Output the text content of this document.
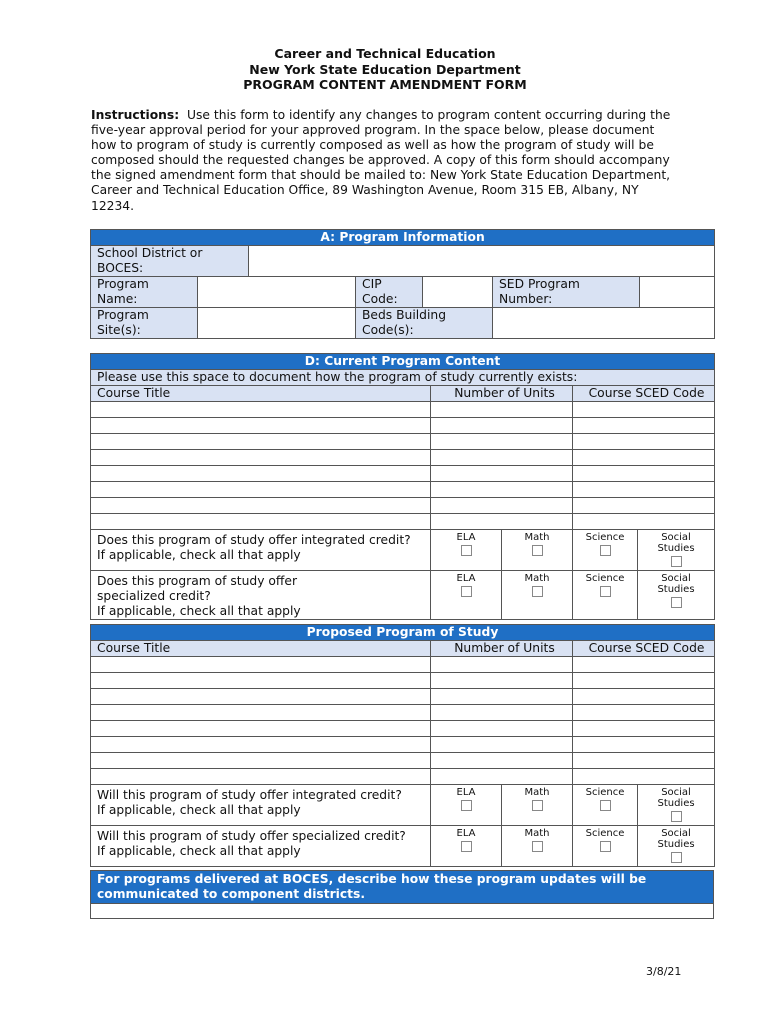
Career and Technical Education
New York State Education Department
PROGRAM CONTENT AMENDMENT FORM
Instructions: Use this form to identify any changes to program content occurring during the five-year approval period for your approved program. In the space below, please document how to program of study is currently composed as well as how the program of study will be composed should the requested changes be approved. A copy of this form should accompany the signed amendment form that should be mailed to: New York State Education Department, Career and Technical Education Office, 89 Washington Avenue, Room 315 EB, Albany, NY 12234.
A: Program Information						
School District or BOCES:						
Program Name:			CIP Code:		SED Program Number:	
Program Site(s):			Beds Building Code(s):			
D: Current Program Content				
Please use this space to document how the program of study currently exists:				
Course Title	Number of Units		Course SCED Code	

Does this program of study offer integrated credit?
If applicable, check all that apply	ELA	Math	Science	Social Studies

Does this program of study offer specialized credit?
If applicable, check all that apply	ELA	Math	Science	Social Studies
Proposed Program of Study				
Course Title	Number of Units		Course SCED Code	

Will this program of study offer integrated credit?
If applicable, check all that apply	ELA	Math	Science	Social Studies

Will this program of study offer specialized credit?
If applicable, check all that apply	ELA	Math	Science	Social Studies
For programs delivered at BOCES, describe how these program updates will be communicated to component districts.

3/8/21
